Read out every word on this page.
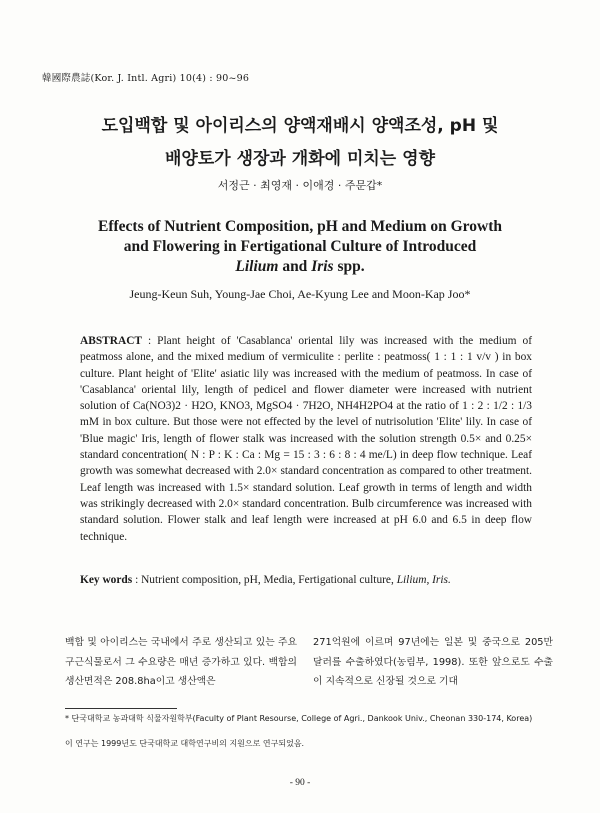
韓國際農誌(Kor. J. Intl. Agri) 10(4) : 90~96
도입백합 및 아이리스의 양액재배시 양액조성, pH 및
배양토가 생장과 개화에 미치는 영향
서정근 · 최영재 · 이애경 · 주문갑*
Effects of Nutrient Composition, pH and Medium on Growth
and Flowering in Fertigational Culture of Introduced
Lilium and Iris spp.
Jeung-Keun Suh, Young-Jae Choi, Ae-Kyung Lee and Moon-Kap Joo*
ABSTRACT : Plant height of 'Casablanca' oriental lily was increased with the medium of peatmoss alone, and the mixed medium of vermiculite : perlite : peatmoss( 1 : 1 : 1 v/v ) in box culture. Plant height of 'Elite' asiatic lily was increased with the medium of peatmoss. In case of 'Casablanca' oriental lily, length of pedicel and flower diameter were increased with nutrient solution of Ca(NO3)2 · H2O, KNO3, MgSO4 · 7H2O, NH4H2PO4 at the ratio of 1 : 2 : 1/2 : 1/3 mM in box culture. But those were not effected by the level of nutrisolution 'Elite' lily. In case of 'Blue magic' Iris, length of flower stalk was increased with the solution strength 0.5× and 0.25× standard concentration( N : P : K : Ca : Mg = 15 : 3 : 6 : 8 : 4 me/L) in deep flow technique. Leaf growth was somewhat decreased with 2.0× standard concentration as compared to other treatment. Leaf length was increased with 1.5× standard solution. Leaf growth in terms of length and width was strikingly decreased with 2.0× standard concentration. Bulb circumference was increased with standard solution. Flower stalk and leaf length were increased at pH 6.0 and 6.5 in deep flow technique.
Key words : Nutrient composition, pH, Media, Fertigational culture, Lilium, Iris.
백합 및 아이리스는 국내에서 주로 생산되고 있는 주요 구근식물로서 그 수요량은 매년 증가하고 있다. 백합의 생산면적은 208.8ha이고 생산액은
271억원에 이르며 97년에는 일본 및 중국으로 205만 달러를 수출하였다(농림부, 1998). 또한 앞으로도 수출이 지속적으로 신장될 것으로 기대
* 단국대학교 농과대학 식물자원학부(Faculty of Plant Resourse, College of Agri., Dankook Univ., Cheonan 330-174, Korea)
이 연구는 1999년도 단국대학교 대학연구비의 지원으로 연구되었음.
- 90 -
